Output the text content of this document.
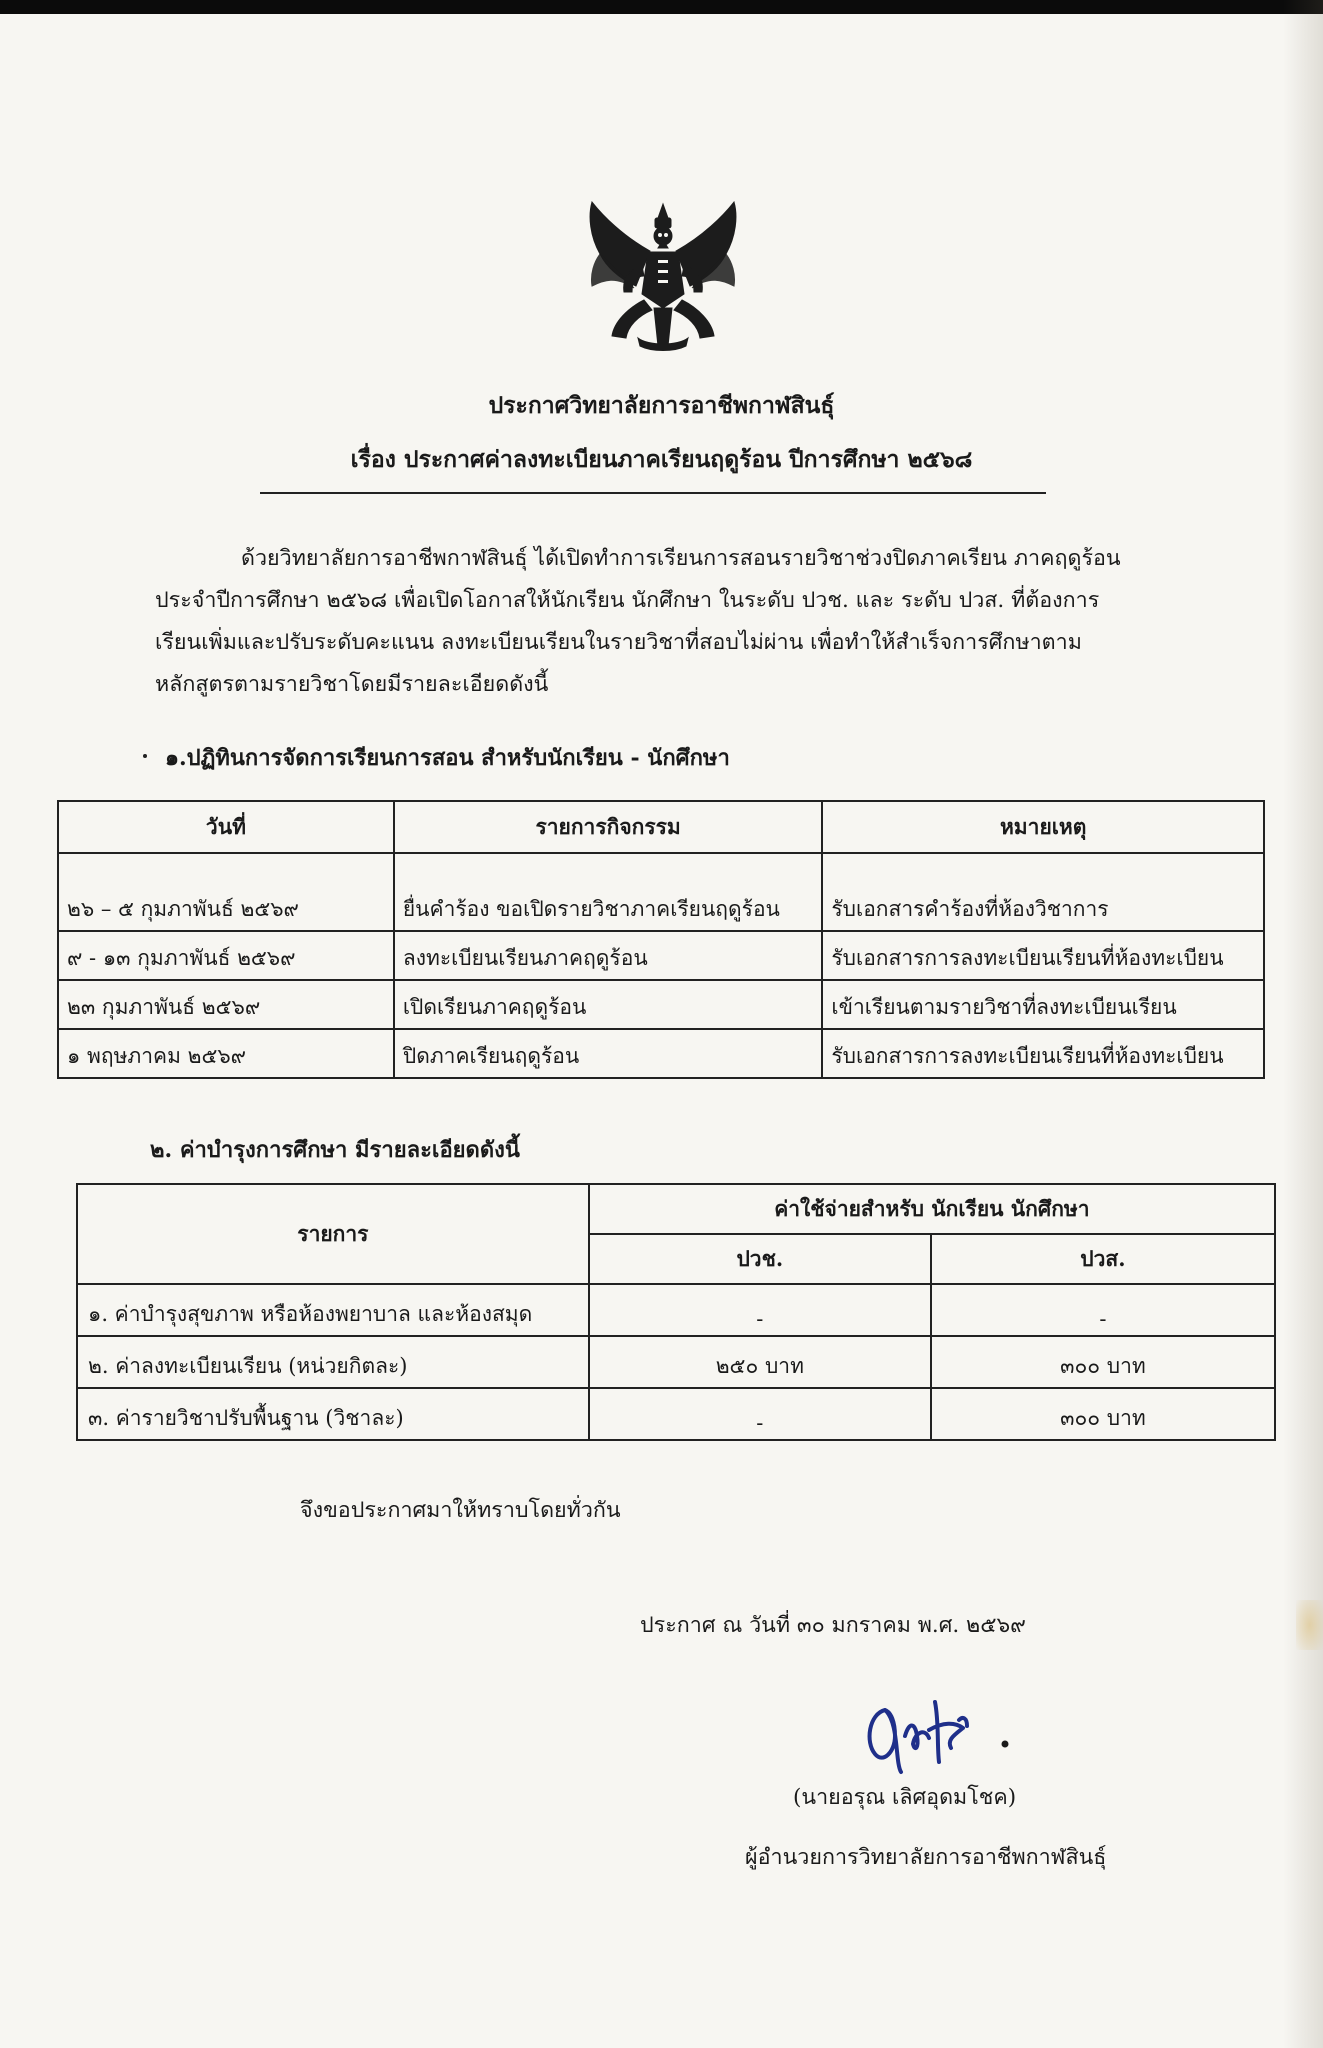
ประกาศวิทยาลัยการอาชีพกาฬสินธุ์
เรื่อง ประกาศค่าลงทะเบียนภาคเรียนฤดูร้อน ปีการศึกษา ๒๕๖๘
ด้วยวิทยาลัยการอาชีพกาฬสินธุ์ ได้เปิดทำการเรียนการสอนรายวิชาช่วงปิดภาคเรียน ภาคฤดูร้อน
ประจำปีการศึกษา ๒๕๖๘ เพื่อเปิดโอกาสให้นักเรียน นักศึกษา ในระดับ ปวช. และ ระดับ ปวส. ที่ต้องการ
เรียนเพิ่มและปรับระดับคะแนน ลงทะเบียนเรียนในรายวิชาที่สอบไม่ผ่าน เพื่อทำให้สำเร็จการศึกษาตาม
หลักสูตรตามรายวิชาโดยมีรายละเอียดดังนี้
๑.ปฏิทินการจัดการเรียนการสอน สำหรับนักเรียน - นักศึกษา
วันที่	รายการกิจกรรม	หมายเหตุ
๒๖ – ๕ กุมภาพันธ์ ๒๕๖๙	ยื่นคำร้อง ขอเปิดรายวิชาภาคเรียนฤดูร้อน	รับเอกสารคำร้องที่ห้องวิชาการ
๙ - ๑๓ กุมภาพันธ์ ๒๕๖๙	ลงทะเบียนเรียนภาคฤดูร้อน	รับเอกสารการลงทะเบียนเรียนที่ห้องทะเบียน
๒๓ กุมภาพันธ์ ๒๕๖๙	เปิดเรียนภาคฤดูร้อน	เข้าเรียนตามรายวิชาที่ลงทะเบียนเรียน
๑ พฤษภาคม ๒๕๖๙	ปิดภาคเรียนฤดูร้อน	รับเอกสารการลงทะเบียนเรียนที่ห้องทะเบียน
๒. ค่าบำรุงการศึกษา มีรายละเอียดดังนี้
รายการ	ค่าใช้จ่ายสำหรับ นักเรียน นักศึกษา	
	ปวช.	ปวส.
๑. ค่าบำรุงสุขภาพ หรือห้องพยาบาล และห้องสมุด	-	-
๒. ค่าลงทะเบียนเรียน (หน่วยกิตละ)	๒๕๐ บาท	๓๐๐ บาท
๓. ค่ารายวิชาปรับพื้นฐาน (วิชาละ)	-	๓๐๐ บาท
จึงขอประกาศมาให้ทราบโดยทั่วกัน
ประกาศ ณ วันที่ ๓๐ มกราคม พ.ศ. ๒๕๖๙
(นายอรุณ เลิศอุดมโชค)
ผู้อำนวยการวิทยาลัยการอาชีพกาฬสินธุ์
